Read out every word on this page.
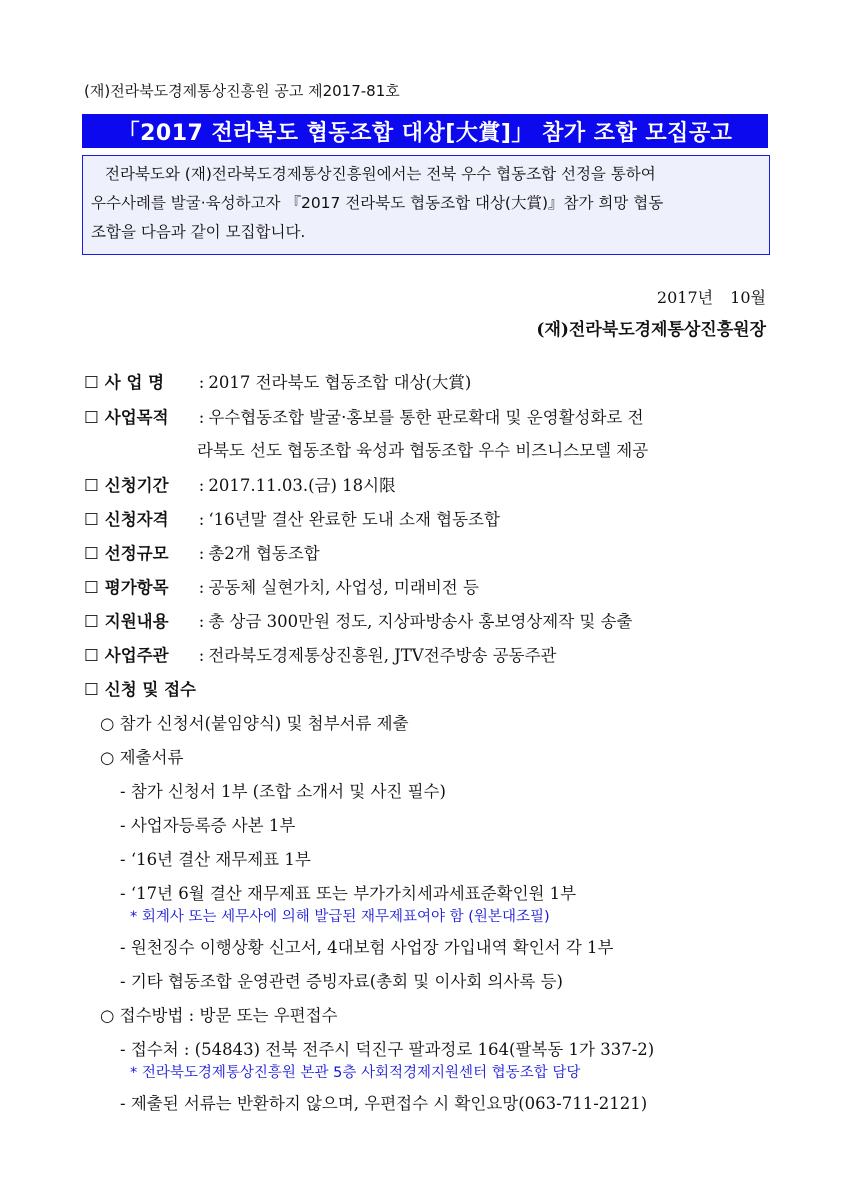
(재)전라북도경제통상진흥원 공고 제2017-81호
「2017 전라북도 협동조합 대상[大賞]」 참가 조합 모집공고
전라북도와 (재)전라북도경제통상진흥원에서는 전북 우수 협동조합 선정을 통하여
우수사례를 발굴·육성하고자 『2017 전라북도 협동조합 대상(大賞)』참가 희망 협동
조합을 다음과 같이 모집합니다.
2017년 10월
(재)전라북도경제통상진흥원장
☐ 사 업 명 : 2017 전라북도 협동조합 대상(大賞)
☐ 사업목적 : 우수협동조합 발굴·홍보를 통한 판로확대 및 운영활성화로 전
라북도 선도 협동조합 육성과 협동조합 우수 비즈니스모델 제공
☐ 신청기간 : 2017.11.03.(금) 18시限
☐ 신청자격 : ‘16년말 결산 완료한 도내 소재 협동조합
☐ 선정규모 : 총2개 협동조합
☐ 평가항목 : 공동체 실현가치, 사업성, 미래비전 등
☐ 지원내용 : 총 상금 300만원 정도, 지상파방송사 홍보영상제작 및 송출
☐ 사업주관 : 전라북도경제통상진흥원, JTV전주방송 공동주관
☐ 신청 및 접수
○ 참가 신청서(붙임양식) 및 첨부서류 제출
○ 제출서류
- 참가 신청서 1부 (조합 소개서 및 사진 필수)
- 사업자등록증 사본 1부
- ‘16년 결산 재무제표 1부
- ‘17년 6월 결산 재무제표 또는 부가가치세과세표준확인원 1부
* 회계사 또는 세무사에 의해 발급된 재무제표여야 함 (원본대조필)
- 원천징수 이행상황 신고서, 4대보험 사업장 가입내역 확인서 각 1부
- 기타 협동조합 운영관련 증빙자료(총회 및 이사회 의사록 등)
○ 접수방법 : 방문 또는 우편접수
- 접수처 : (54843) 전북 전주시 덕진구 팔과정로 164(팔복동 1가 337-2)
* 전라북도경제통상진흥원 본관 5층 사회적경제지원센터 협동조합 담당
- 제출된 서류는 반환하지 않으며, 우편접수 시 확인요망(063-711-2121)
